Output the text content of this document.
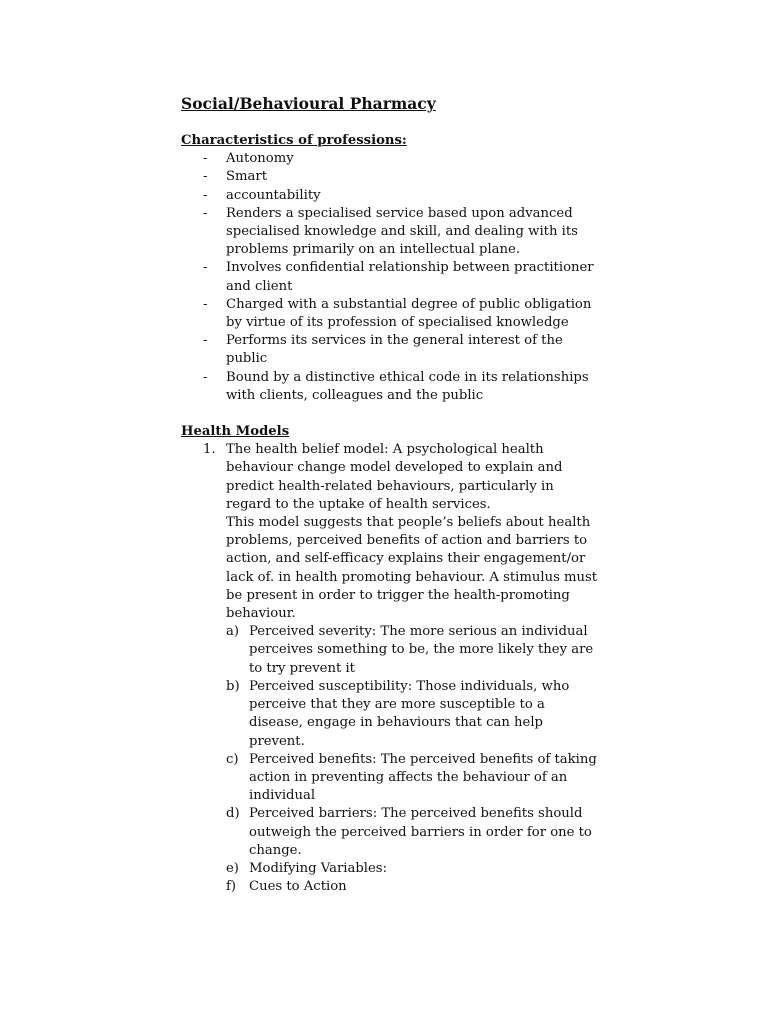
Social/Behavioural Pharmacy
Characteristics of professions:
- Autonomy
- Smart
- accountability
- Renders a specialised service based upon advanced specialised knowledge and skill, and dealing with its problems primarily on an intellectual plane.
- Involves confidential relationship between practitioner and client
- Charged with a substantial degree of public obligation by virtue of its profession of specialised knowledge
- Performs its services in the general interest of the public
- Bound by a distinctive ethical code in its relationships with clients, colleagues and the public
Health Models
1. The health belief model: A psychological health behaviour change model developed to explain and predict health-related behaviours, particularly in regard to the uptake of health services.

This model suggests that people’s beliefs about health problems, perceived benefits of action and barriers to action, and self-efficacy explains their engagement/or lack of. in health promoting behaviour. A stimulus must be present in order to trigger the health-promoting behaviour.

a) Perceived severity: The more serious an individual perceives something to be, the more likely they are to try prevent it
b) Perceived susceptibility: Those individuals, who perceive that they are more susceptible to a disease, engage in behaviours that can help prevent.
c) Perceived benefits: The perceived benefits of taking action in preventing affects the behaviour of an individual
d) Perceived barriers: The perceived benefits should outweigh the perceived barriers in order for one to change.
e) Modifying Variables:
f) Cues to Action
